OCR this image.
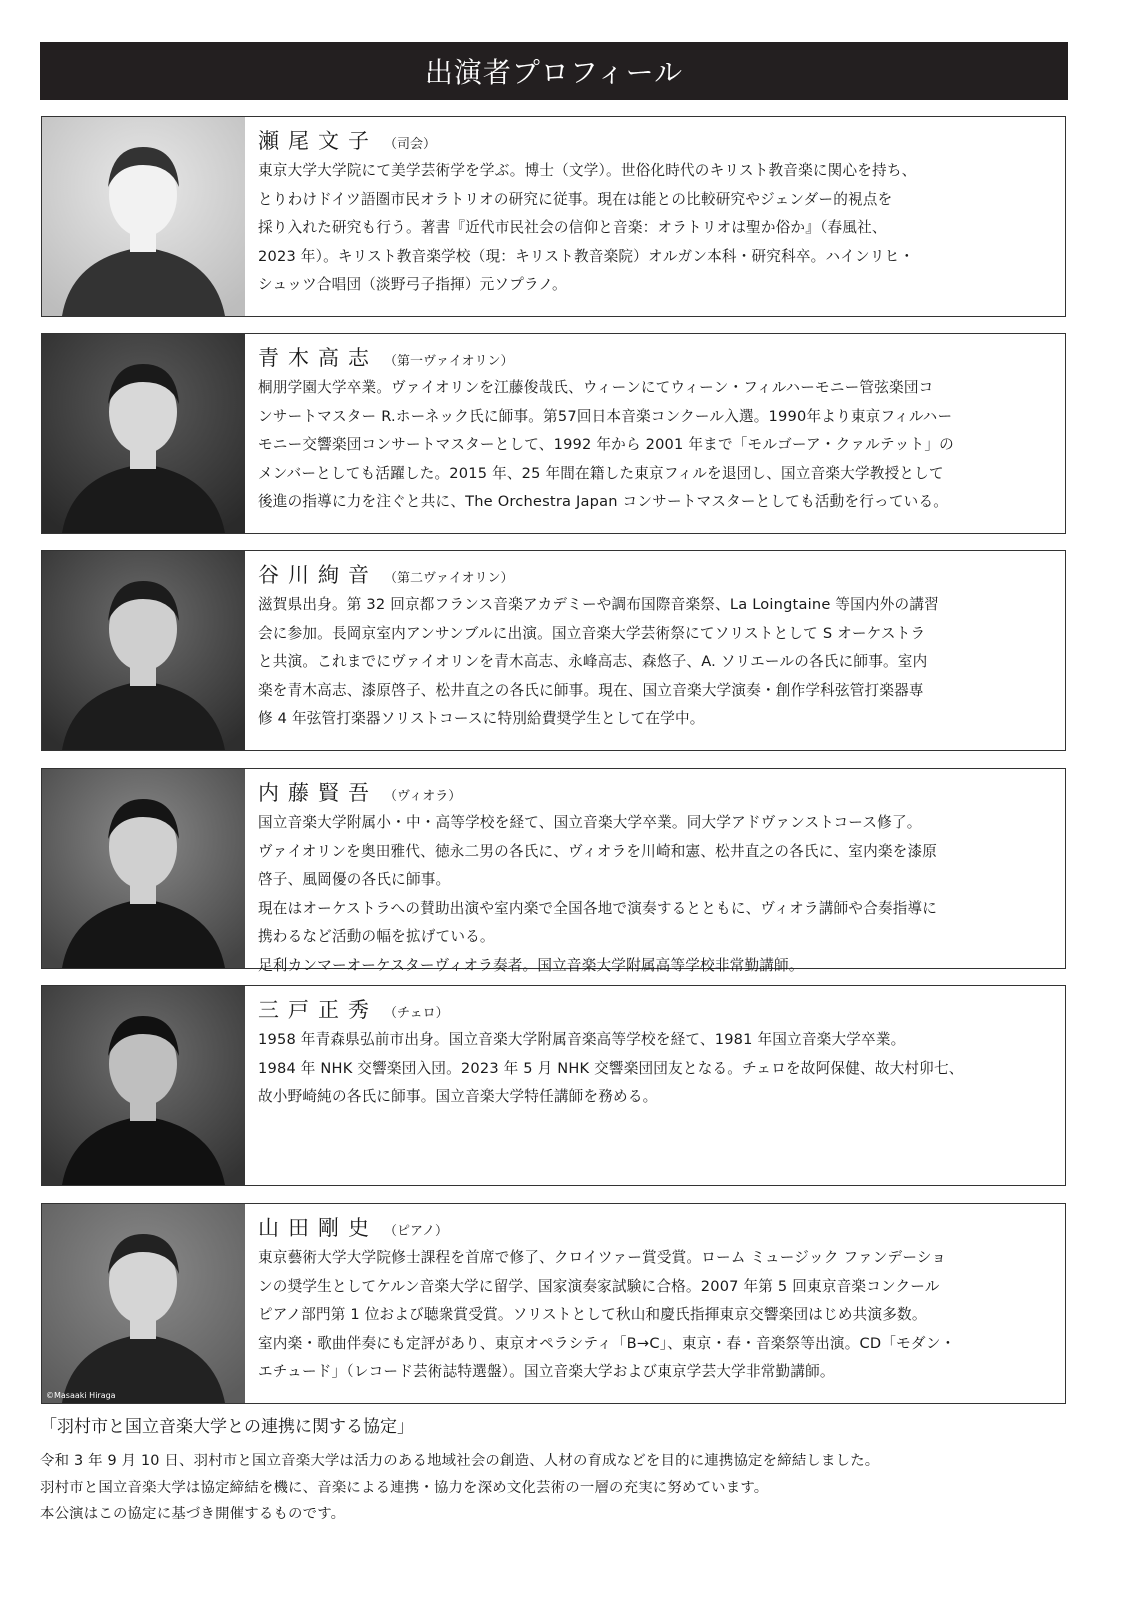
出演者プロフィール
瀬尾文子 （司会）
東京大学大学院にて美学芸術学を学ぶ。博士（文学）。世俗化時代のキリスト教音楽に関心を持ち、
とりわけドイツ語圏市民オラトリオの研究に従事。現在は能との比較研究やジェンダー的視点を
採り入れた研究も行う。著書『近代市民社会の信仰と音楽：オラトリオは聖か俗か』（春風社、
2023 年）。キリスト教音楽学校（現：キリスト教音楽院）オルガン本科・研究科卒。ハインリヒ・
シュッツ合唱団（淡野弓子指揮）元ソプラノ。
青木高志 （第一ヴァイオリン）
桐朋学園大学卒業。ヴァイオリンを江藤俊哉氏、ウィーンにてウィーン・フィルハーモニー管弦楽団コ
ンサートマスター R.ホーネック氏に師事。第57回日本音楽コンクール入選。1990年より東京フィルハー
モニー交響楽団コンサートマスターとして、1992 年から 2001 年まで「モルゴーア・クァルテット」の
メンバーとしても活躍した。2015 年、25 年間在籍した東京フィルを退団し、国立音楽大学教授として
後進の指導に力を注ぐと共に、The Orchestra Japan コンサートマスターとしても活動を行っている。
谷川絢音 （第二ヴァイオリン）
滋賀県出身。第 32 回京都フランス音楽アカデミーや調布国際音楽祭、La Loingtaine 等国内外の講習
会に参加。長岡京室内アンサンブルに出演。国立音楽大学芸術祭にてソリストとして S オーケストラ
と共演。これまでにヴァイオリンを青木高志、永峰高志、森悠子、A. ソリエールの各氏に師事。室内
楽を青木高志、漆原啓子、松井直之の各氏に師事。現在、国立音楽大学演奏・創作学科弦管打楽器専
修 4 年弦管打楽器ソリストコースに特別給費奨学生として在学中。
内藤賢吾 （ヴィオラ）
国立音楽大学附属小・中・高等学校を経て、国立音楽大学卒業。同大学アドヴァンストコース修了。
ヴァイオリンを奥田雅代、徳永二男の各氏に、ヴィオラを川崎和憲、松井直之の各氏に、室内楽を漆原
啓子、風岡優の各氏に師事。
現在はオーケストラへの賛助出演や室内楽で全国各地で演奏するとともに、ヴィオラ講師や合奏指導に
携わるなど活動の幅を拡げている。
足利カンマーオーケスターヴィオラ奏者。国立音楽大学附属高等学校非常勤講師。
三戸正秀 （チェロ）
1958 年青森県弘前市出身。国立音楽大学附属音楽高等学校を経て、1981 年国立音楽大学卒業。
1984 年 NHK 交響楽団入団。2023 年 5 月 NHK 交響楽団団友となる。チェロを故阿保健、故大村卯七、
故小野崎純の各氏に師事。国立音楽大学特任講師を務める。
©Masaaki Hiraga
山田剛史 （ピアノ）
東京藝術大学大学院修士課程を首席で修了、クロイツァー賞受賞。ローム ミュージック ファンデーショ
ンの奨学生としてケルン音楽大学に留学、国家演奏家試験に合格。2007 年第 5 回東京音楽コンクール
ピアノ部門第 1 位および聴衆賞受賞。ソリストとして秋山和慶氏指揮東京交響楽団はじめ共演多数。
室内楽・歌曲伴奏にも定評があり、東京オペラシティ「B→C」、東京・春・音楽祭等出演。CD「モダン・
エチュード」（レコード芸術誌特選盤）。国立音楽大学および東京学芸大学非常勤講師。
「羽村市と国立音楽大学との連携に関する協定」
令和 3 年 9 月 10 日、羽村市と国立音楽大学は活力のある地域社会の創造、人材の育成などを目的に連携協定を締結しました。
羽村市と国立音楽大学は協定締結を機に、音楽による連携・協力を深め文化芸術の一層の充実に努めています。
本公演はこの協定に基づき開催するものです。
